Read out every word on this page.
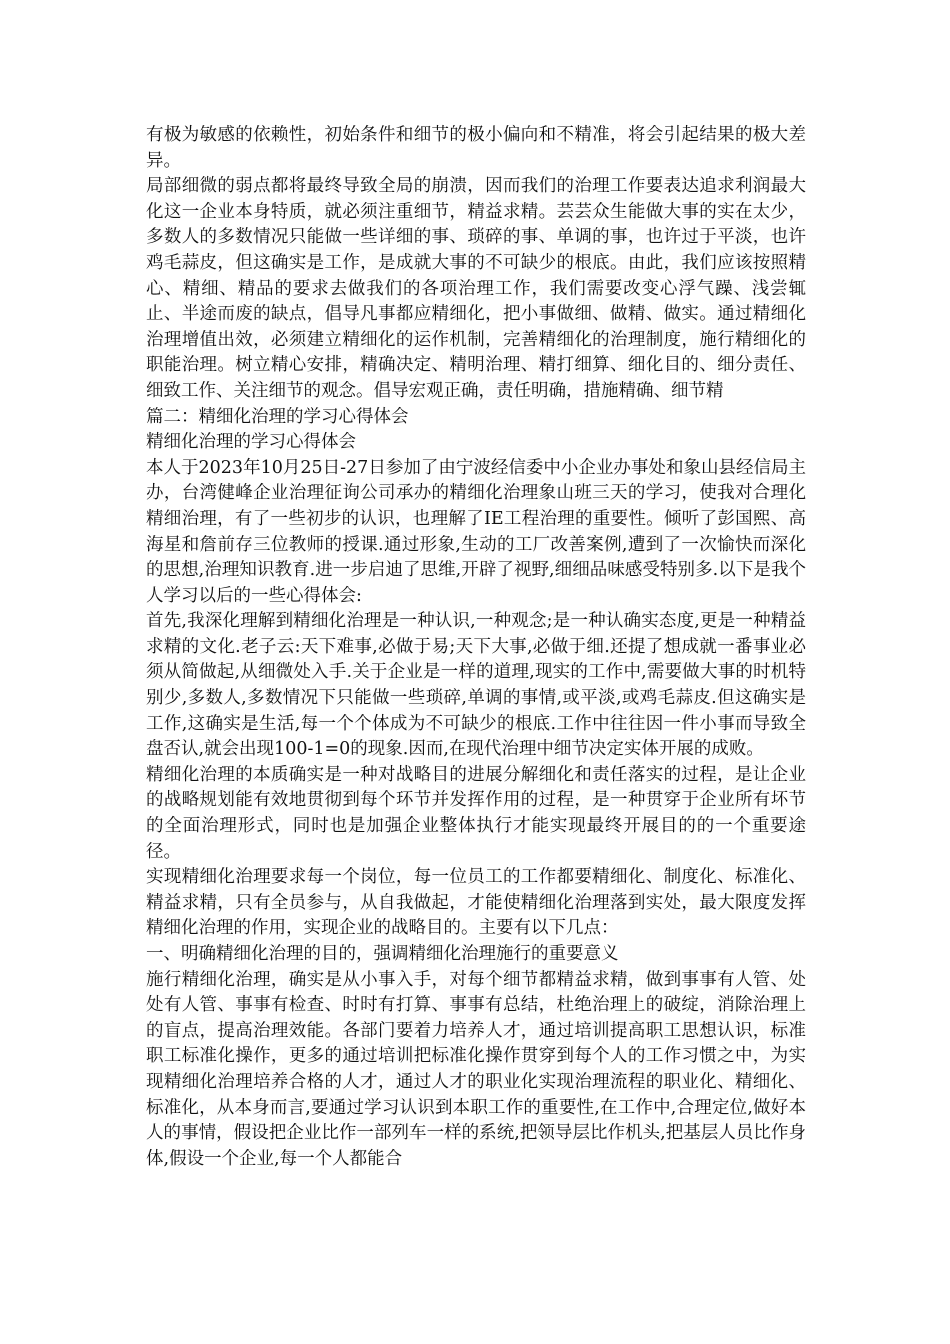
有极为敏感的依赖性，初始条件和细节的极小偏向和不精准，将会引起结果的极大差异。

局部细微的弱点都将最终导致全局的崩溃，因而我们的治理工作要表达追求利润最大化这一企业本身特质，就必须注重细节，精益求精。芸芸众生能做大事的实在太少，多数人的多数情况只能做一些详细的事、琐碎的事、单调的事，也许过于平淡，也许鸡毛蒜皮，但这确实是工作，是成就大事的不可缺少的根底。由此，我们应该按照精心、精细、精品的要求去做我们的各项治理工作，我们需要改变心浮气躁、浅尝辄止、半途而废的缺点，倡导凡事都应精细化，把小事做细、做精、做实。通过精细化治理增值出效，必须建立精细化的运作机制，完善精细化的治理制度，施行精细化的职能治理。树立精心安排，精确决定、精明治理、精打细算、细化目的、细分责任、细致工作、关注细节的观念。倡导宏观正确，责任明确，措施精确、细节精

篇二：精细化治理的学习心得体会

精细化治理的学习心得体会

本人于2023年10月25日-27日参加了由宁波经信委中小企业办事处和象山县经信局主办，台湾健峰企业治理征询公司承办的精细化治理象山班三天的学习，使我对合理化精细治理，有了一些初步的认识，也理解了IE工程治理的重要性。倾听了彭国熙、高海星和詹前存三位教师的授课.通过形象,生动的工厂改善案例,遭到了一次愉快而深化的思想,治理知识教育.进一步启迪了思维,开辟了视野,细细品味感受特别多.以下是我个人学习以后的一些心得体会:

首先,我深化理解到精细化治理是一种认识,一种观念;是一种认确实态度,更是一种精益求精的文化.老子云:天下难事,必做于易;天下大事,必做于细.还提了想成就一番事业必须从简做起,从细微处入手.关于企业是一样的道理,现实的工作中,需要做大事的时机特别少,多数人,多数情况下只能做一些琐碎,单调的事情,或平淡,或鸡毛蒜皮.但这确实是工作,这确实是生活,每一个个体成为不可缺少的根底.工作中往往因一件小事而导致全盘否认,就会出现100-1=0的现象.因而,在现代治理中细节决定实体开展的成败。

精细化治理的本质确实是一种对战略目的进展分解细化和责任落实的过程，是让企业的战略规划能有效地贯彻到每个环节并发挥作用的过程，是一种贯穿于企业所有坏节的全面治理形式，同时也是加强企业整体执行才能实现最终开展目的的一个重要途径。

实现精细化治理要求每一个岗位，每一位员工的工作都要精细化、制度化、标准化、精益求精，只有全员参与，从自我做起，才能使精细化治理落到实处，最大限度发挥精细化治理的作用，实现企业的战略目的。主要有以下几点：

一、明确精细化治理的目的，强调精细化治理施行的重要意义

施行精细化治理，确实是从小事入手，对每个细节都精益求精，做到事事有人管、处处有人管、事事有检查、时时有打算、事事有总结，杜绝治理上的破绽，消除治理上的盲点，提高治理效能。各部门要着力培养人才，通过培训提高职工思想认识，标准职工标准化操作，更多的通过培训把标准化操作贯穿到每个人的工作习惯之中，为实现精细化治理培养合格的人才，通过人才的职业化实现治理流程的职业化、精细化、标准化，从本身而言,要通过学习认识到本职工作的重要性,在工作中,合理定位,做好本人的事情，假设把企业比作一部列车一样的系统,把领导层比作机头,把基层人员比作身体,假设一个企业,每一个人都能合
